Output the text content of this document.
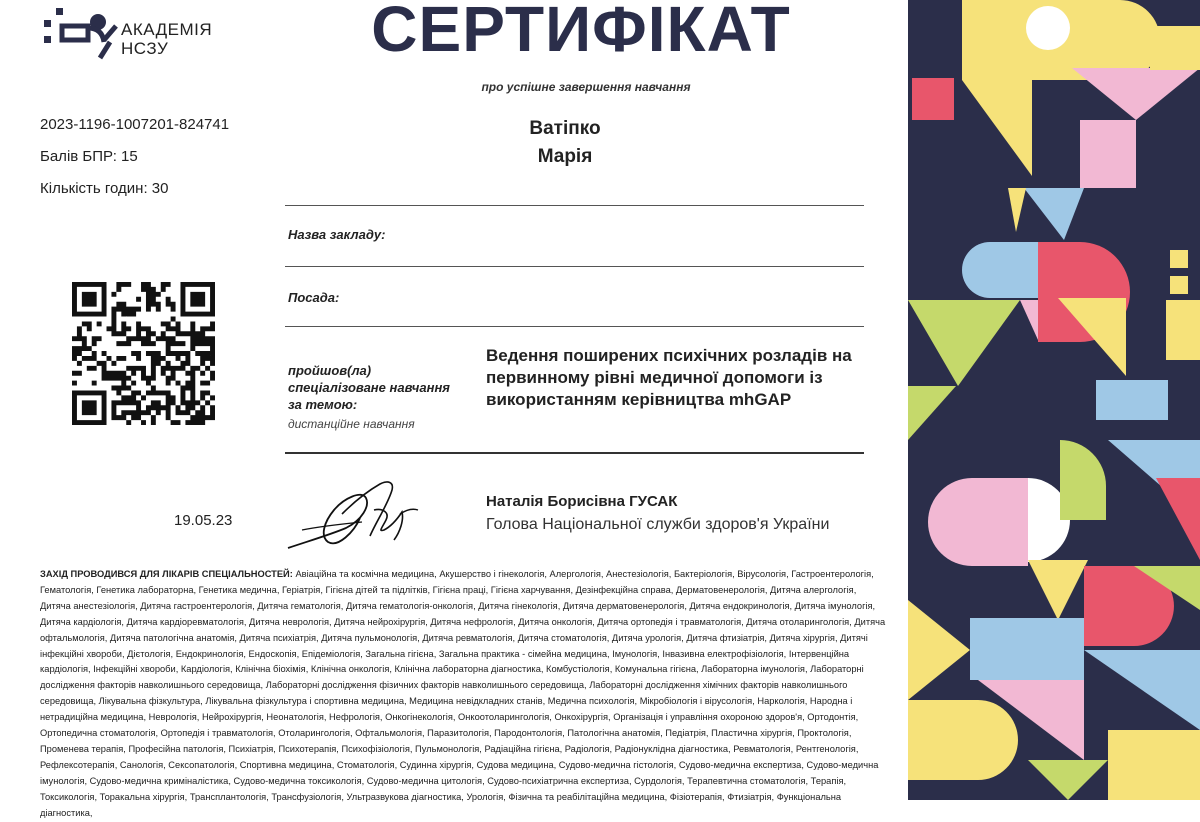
АКАДЕМІЯ
НСЗУ	СЕРТИФІКАТ
про успішне завершення навчання
2023-1196-1007201-824741
Балів БПР: 15
Кількість годин: 30
Ватіпко
Марія
Назва закладу:
Посада:
пройшов(ла) спеціалізоване навчання за темою:
дистанційне навчання
Ведення поширених психічних розладів на первинному рівні медичної допомоги із використанням керівництва mhGAP
19.05.23
Наталія Борисівна ГУСАК
Голова Національної служби здоров'я України
ЗАХІД ПРОВОДИВСЯ ДЛЯ ЛІКАРІВ СПЕЦІАЛЬНОСТЕЙ: Авіаційна та космічна медицина, Акушерство і гінекологія, Алергологія, Анестезіологія, Бактеріологія, Вірусологія, Гастроентерологія, Гематологія, Генетика лабораторна, Генетика медична, Геріатрія, Гігієна дітей та підлітків, Гігієна праці, Гігієна харчування, Дезінфекційна справа, Дерматовенерологія, Дитяча алергологія, Дитяча анестезіологія, Дитяча гастроентерологія, Дитяча гематологія, Дитяча гематологія-онкологія, Дитяча гінекологія, Дитяча дерматовенерологія, Дитяча ендокринологія, Дитяча імунологія, Дитяча кардіологія, Дитяча кардіоревматологія, Дитяча неврологія, Дитяча нейрохірургія, Дитяча нефрологія, Дитяча онкологія, Дитяча ортопедія і травматологія, Дитяча отоларингологія, Дитяча офтальмологія, Дитяча патологічна анатомія, Дитяча психіатрія, Дитяча пульмонологія, Дитяча ревматологія, Дитяча стоматологія, Дитяча урологія, Дитяча фтизіатрія, Дитяча хірургія, Дитячі інфекційні хвороби, Дієтологія, Ендокринологія, Ендоскопія, Епідеміологія, Загальна гігієна, Загальна практика - сімейна медицина, Імунологія, Інвазивна електрофізіологія, Інтервенційна кардіологія, Інфекційні хвороби, Кардіологія, Клінічна біохімія, Клінічна онкологія, Клінічна лабораторна діагностика, Комбустіологія, Комунальна гігієна, Лабораторна імунологія, Лабораторні дослідження факторів навколишнього середовища, Лабораторні дослідження фізичних факторів навколишнього середовища, Лабораторні дослідження хімічних факторів навколишнього середовища, Лікувальна фізкультура, Лікувальна фізкультура і спортивна медицина, Медицина невідкладних станів, Медична психологія, Мікробіологія і вірусологія, Наркологія, Народна і нетрадиційна медицина, Неврологія, Нейрохірургія, Неонатологія, Нефрологія, Онкогінекологія, Онкоотоларингологія, Онкохірургія, Організація і управління охороною здоров'я, Ортодонтія, Ортопедична стоматологія, Ортопедія і травматологія, Отоларингологія, Офтальмологія, Паразитологія, Пародонтологія, Патологічна анатомія, Педіатрія, Пластична хірургія, Проктологія, Променева терапія, Професійна патологія, Психіатрія, Психотерапія, Психофізіологія, Пульмонологія, Радіаційна гігієна, Радіологія, Радіонуклідна діагностика, Ревматологія, Рентгенологія, Рефлексотерапія, Санологія, Сексопатологія, Спортивна медицина, Стоматологія, Судинна хірургія, Судова медицина, Судово-медична гістологія, Судово-медична експертиза, Судово-медична імунологія, Судово-медична криміналістика, Судово-медична токсикологія, Судово-медична цитологія, Судово-психіатрична експертиза, Сурдологія, Терапевтична стоматологія, Терапія, Токсикологія, Торакальна хірургія, Трансплантологія, Трансфузіологія, Ультразвукова діагностика, Урологія, Фізична та реабілітаційна медицина, Фізіотерапія, Фтизіатрія, Функціональна діагностика,
